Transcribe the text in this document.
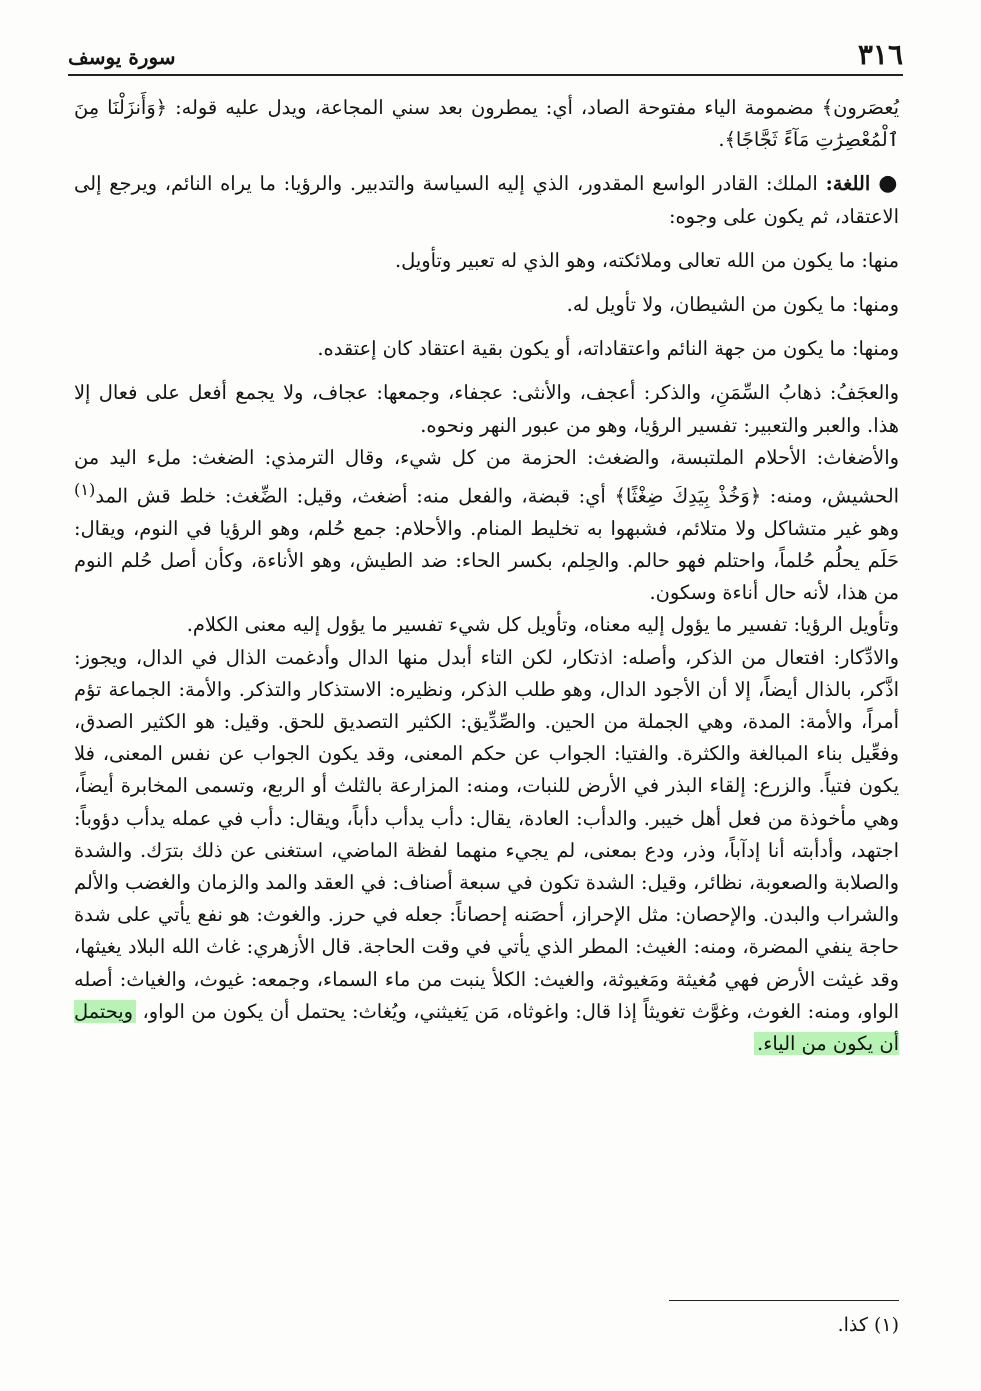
٣١٦
سورة يوسف

يُعصَرون﴾ مضمومة الياء مفتوحة الصاد، أي: يمطرون بعد سني المجاعة، ويدل عليه قوله: ﴿وَأَنزَلْنَا مِنَ ٱلْمُعْصِرَٰتِ مَآءً ثَجَّاجًا﴾.

●اللغة: الملك: القادر الواسع المقدور، الذي إليه السياسة والتدبير. والرؤيا: ما يراه النائم، ويرجع إلى الاعتقاد، ثم يكون على وجوه:

منها: ما يكون من الله تعالى وملائكته، وهو الذي له تعبير وتأويل.

ومنها: ما يكون من الشيطان، ولا تأويل له.

ومنها: ما يكون من جهة النائم واعتقاداته، أو يكون بقية اعتقاد كان إعتقده.

والعجَفُ: ذهابُ السِّمَنِ، والذكر: أعجف، والأنثى: عجفاء، وجمعها: عجاف، ولا يجمع أفعل على فعال إلا هذا. والعبر والتعبير: تفسير الرؤيا، وهو من عبور النهر ونحوه.

والأضغاث: الأحلام الملتبسة، والضغث: الحزمة من كل شيء، وقال الترمذي: الضغث: ملء اليد من الحشيش، ومنه: ﴿وَخُذْ بِيَدِكَ ضِغْثًا﴾ أي: قبضة، والفعل منه: أضغث، وقيل: الضِّغث: خلط قش المد$^{(١)}$ وهو غير متشاكل ولا متلائم، فشبهوا به تخليط المنام. والأحلام: جمع حُلم، وهو الرؤيا في النوم، ويقال: حَلَم يحلُم حُلماً، واحتلم فهو حالم. والحِلم، بكسر الحاء: ضد الطيش، وهو الأناءة، وكأن أصل حُلم النوم من هذا، لأنه حال أناءة وسكون.

وتأويل الرؤيا: تفسير ما يؤول إليه معناه، وتأويل كل شيء تفسير ما يؤول إليه معنى الكلام.

والادِّكار: افتعال من الذكر، وأصله: اذتكار، لكن التاء أبدل منها الدال وأدغمت الذال في الدال، ويجوز: اذَّكر، بالذال أيضاً، إلا أن الأجود الدال، وهو طلب الذكر، ونظيره: الاستذكار والتذكر. والأمة: الجماعة تؤم أمراً، والأمة: المدة، وهي الجملة من الحين. والصِّدِّيق: الكثير التصديق للحق. وقيل: هو الكثير الصدق، وفعِّيل بناء المبالغة والكثرة. والفتيا: الجواب عن حكم المعنى، وقد يكون الجواب عن نفس المعنى، فلا يكون فتياً. والزرع: إلقاء البذر في الأرض للنبات، ومنه: المزارعة بالثلث أو الربع، وتسمى المخابرة أيضاً، وهي مأخوذة من فعل أهل خيبر. والدأب: العادة، يقال: دأب يدأب دأباً، ويقال: دأب في عمله يدأب دؤوباً: اجتهد، وأدأبته أنا إدآباً، وذر، ودع بمعنى، لم يجيء منهما لفظة الماضي، استغنى عن ذلك بترَك. والشدة والصلابة والصعوبة، نظائر، وقيل: الشدة تكون في سبعة أصناف: في العقد والمد والزمان والغضب والألم والشراب والبدن. والإحصان: مثل الإحراز، أحصَنه إحصاناً: جعله في حرز. والغوث: هو نفع يأتي على شدة حاجة ينفي المضرة، ومنه: الغيث: المطر الذي يأتي في وقت الحاجة. قال الأزهري: غاث الله البلاد يغيثها، وقد غيثت الأرض فهي مُغيثة ومَغيوثة، والغيث: الكلأ ينبت من ماء السماء، وجمعه: غيوث، والغياث: أصله الواو، ومنه: الغوث، وغوَّث تغويثاً إذا قال: واغوثاه، مَن يَغيثني، ويُغاث: يحتمل أن يكون من الواو، ويحتمل أن يكون من الياء.

(١) كذا.
